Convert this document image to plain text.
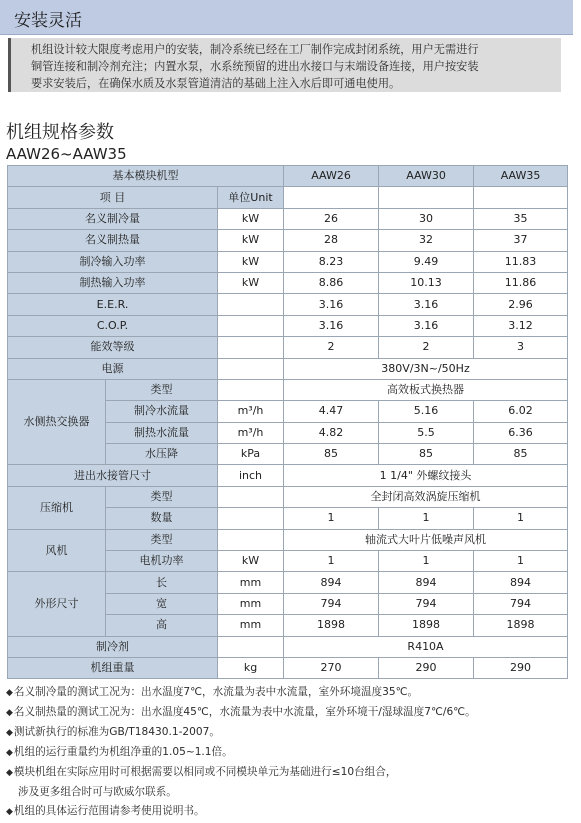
安装灵活
机组设计较大限度考虑用户的安装，制冷系统已经在工厂制作完成封闭系统，用户无需进行
铜管连接和制冷剂充注；内置水泵，水系统预留的进出水接口与末端设备连接，用户按安装
要求安装后，在确保水质及水泵管道清洁的基础上注入水后即可通电使用。
机组规格参数
AAW26~AAW35
基本模块机型			AAW26	AAW30	AAW35
项 目		单位Unit			
名义制冷量		kW	26	30	35
名义制热量		kW	28	32	37
制冷输入功率		kW	8.23	9.49	11.83
制热输入功率		kW	8.86	10.13	11.86
E.E.R.			3.16	3.16	2.96
C.O.P.			3.16	3.16	3.12
能效等级			2	2	3
电源			380V/3N~/50Hz		
水侧热交换器	类型		高效板式换热器		
	制冷水流量	m³/h	4.47	5.16	6.02
	制热水流量	m³/h	4.82	5.5	6.36
	水压降	kPa	85	85	85
进出水接管尺寸		inch	1 1/4" 外螺纹接头		
压缩机	类型		全封闭高效涡旋压缩机		
	数量		1	1	1
风机	类型		轴流式大叶片低噪声风机		
	电机功率	kW	1	1	1
外形尺寸	长	mm	894	894	894
	宽	mm	794	794	794
	高	mm	1898	1898	1898
制冷剂			R410A		
机组重量		kg	270	290	290
◆名义制冷量的测试工况为：出水温度7℃，水流量为表中水流量，室外环境温度35℃。
◆名义制热量的测试工况为：出水温度45℃，水流量为表中水流量，室外环境干/湿球温度7℃/6℃。
◆测试新执行的标准为GB/T18430.1-2007。
◆机组的运行重量约为机组净重的1.05~1.1倍。
◆模块机组在实际应用时可根据需要以相同或不同模块单元为基础进行≤10台组合，
涉及更多组合时可与欧威尔联系。
◆机组的具体运行范围请参考使用说明书。
